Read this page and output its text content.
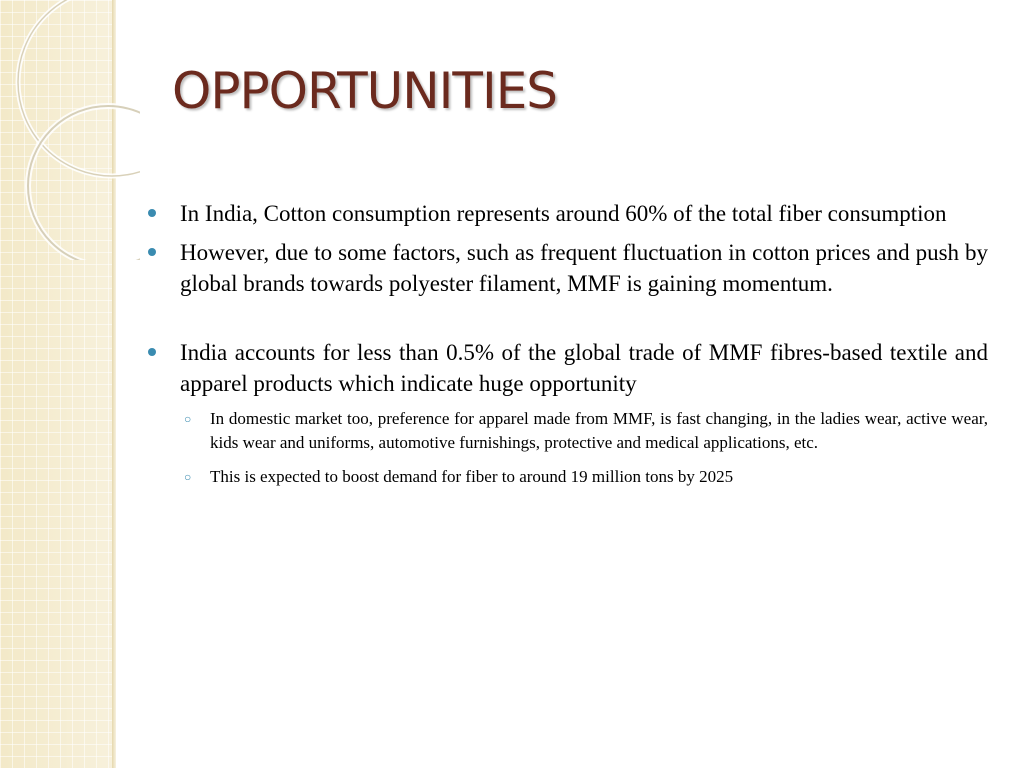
OPPORTUNITIES
In India, Cotton consumption represents around 60% of the total fiber consumption
However, due to some factors, such as frequent fluctuation in cotton prices and push by global brands towards polyester filament, MMF is gaining momentum.
India accounts for less than 0.5% of the global trade of MMF fibres-based textile and apparel products which indicate huge opportunity
○ In domestic market too, preference for apparel made from MMF, is fast changing, in the ladies wear, active wear, kids wear and uniforms, automotive furnishings, protective and medical applications, etc.
○ This is expected to boost demand for fiber to around 19 million tons by 2025
